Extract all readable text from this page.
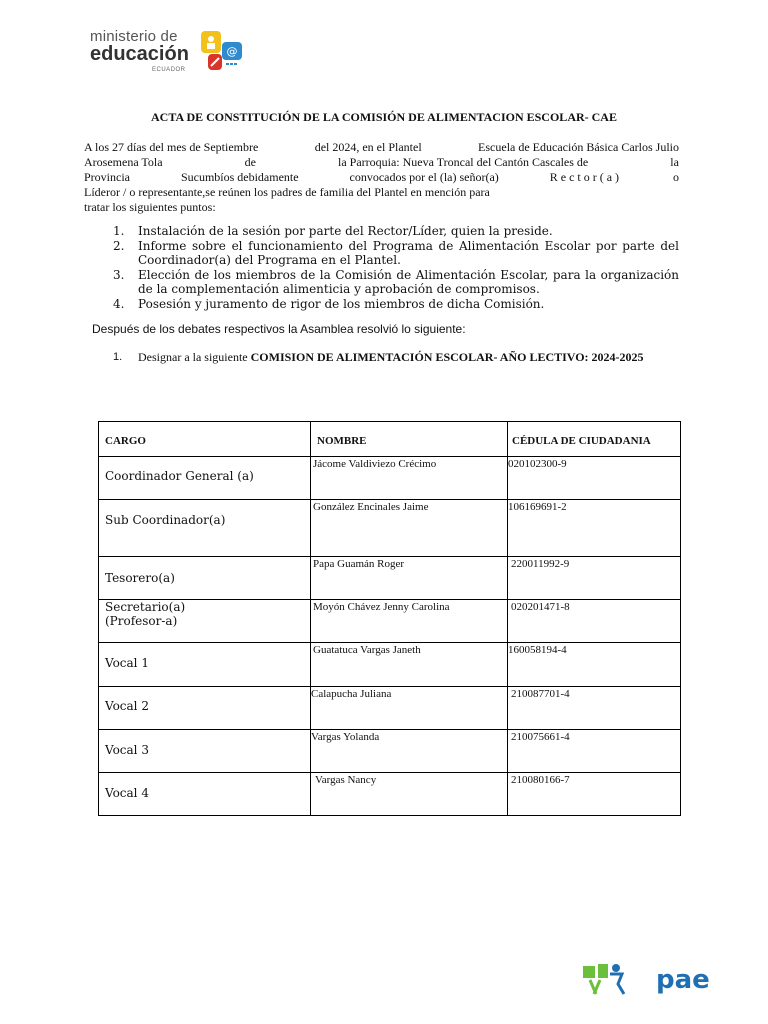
ministerio de
educación
ECUADOR
@
ACTA DE CONSTITUCIÓN DE LA COMISIÓN DE ALIMENTACION ESCOLAR- CAE
A los 27 días del mes de Septiembre	del 2024, en el Plantel	Escuela de Educación Básica Carlos Julio
Arosemena Tola	de	la Parroquia: Nueva Troncal del Cantón Cascales de	la
Provincia	Sucumbíos debidamente	convocados por el (la) señor(a)	Rector(a)	o
Líderor / o representante,se reúnen los padres de familia del Plantel en mención para
tratar los siguientes puntos:
1.	Instalación de la sesión por parte del Rector/Líder, quien la preside.
2.	Informe sobre el funcionamiento del Programa de Alimentación Escolar por parte del Coordinador(a) del Programa en el Plantel.
3.	Elección de los miembros de la Comisión de Alimentación Escolar, para la organización de la complementación alimenticia y aprobación de compromisos.
4.	Posesión y juramento de rigor de los miembros de dicha Comisión.
Después de los debates respectivos la Asamblea resolvió lo siguiente:
1.	Designar a la siguiente COMISION DE ALIMENTACIÓN ESCOLAR- AÑO LECTIVO: 2024-2025
CARGO	NOMBRE	CÉDULA DE CIUDADANIA

Coordinador General (a)	Jácome Valdiviezo Crécimo	020102300-9

Sub Coordinador(a)	González Encinales Jaime	106169691-2

Tesorero(a)	Papa Guamán Roger	220011992-9

Secretario(a)
(Profesor-a)	Moyón Chávez Jenny Carolina	020201471-8

Vocal 1	Guatatuca Vargas Janeth	160058194-4

Vocal 2	Calapucha Juliana	210087701-4

Vocal 3	Vargas Yolanda	210075661-4

Vocal 4	Vargas Nancy	210080166-7
pae
